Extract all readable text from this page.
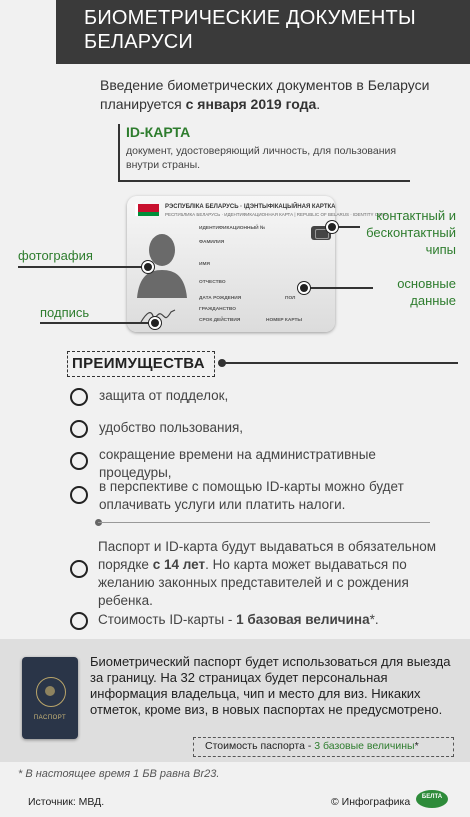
БИОМЕТРИЧЕСКИЕ ДОКУМЕНТЫ
БЕЛАРУСИ
Введение биометрических документов в Беларуси планируется с января 2019 года.
ID-КАРТА
документ, удостоверяющий личность, для пользования внутри страны.
РЭСПУБЛІКА БЕЛАРУСЬ · ІДЭНТЫФІКАЦЫЙНАЯ КАРТКА
РЕСПУБЛИКА БЕЛАРУСЬ · ИДЕНТИФИКАЦИОННАЯ КАРТА | REPUBLIC OF BELARUS · IDENTITY CARD
ИДЕНТИФИКАЦИОННЫЙ №
ФАМИЛИЯ
ИМЯ
ОТЧЕСТВО
ДАТА РОЖДЕНИЯ	ПОЛ
ГРАЖДАНСТВО
СРОК ДЕЙСТВИЯ	НОМЕР КАРТЫ
фотография
подпись
контактный и
бесконтактный
чипы
основные
данные
ПРЕИМУЩЕСТВА
защита от подделок,
удобство пользования,
сокращение времени на административные процедуры,
в перспективе с помощью ID-карты можно будет оплачивать услуги или платить налоги.
Паспорт и ID-карта будут выдаваться в обязательном порядке с 14 лет. Но карта может выдаваться по желанию законных представителей и с рождения ребенка.
Стоимость ID-карты - 1 базовая величина*.
ПАСПОРТ
Биометрический паспорт будет использоваться для выезда за границу. На 32 страницах будет персональная информация владельца, чип и место для виз. Никаких отметок, кроме виз, в новых паспортах не предусмотрено.
Стоимость паспорта - 3 базовые величины*
* В настоящее время 1 БВ равна Br23.
Источник: МВД.	© Инфографика	БЕЛТА
